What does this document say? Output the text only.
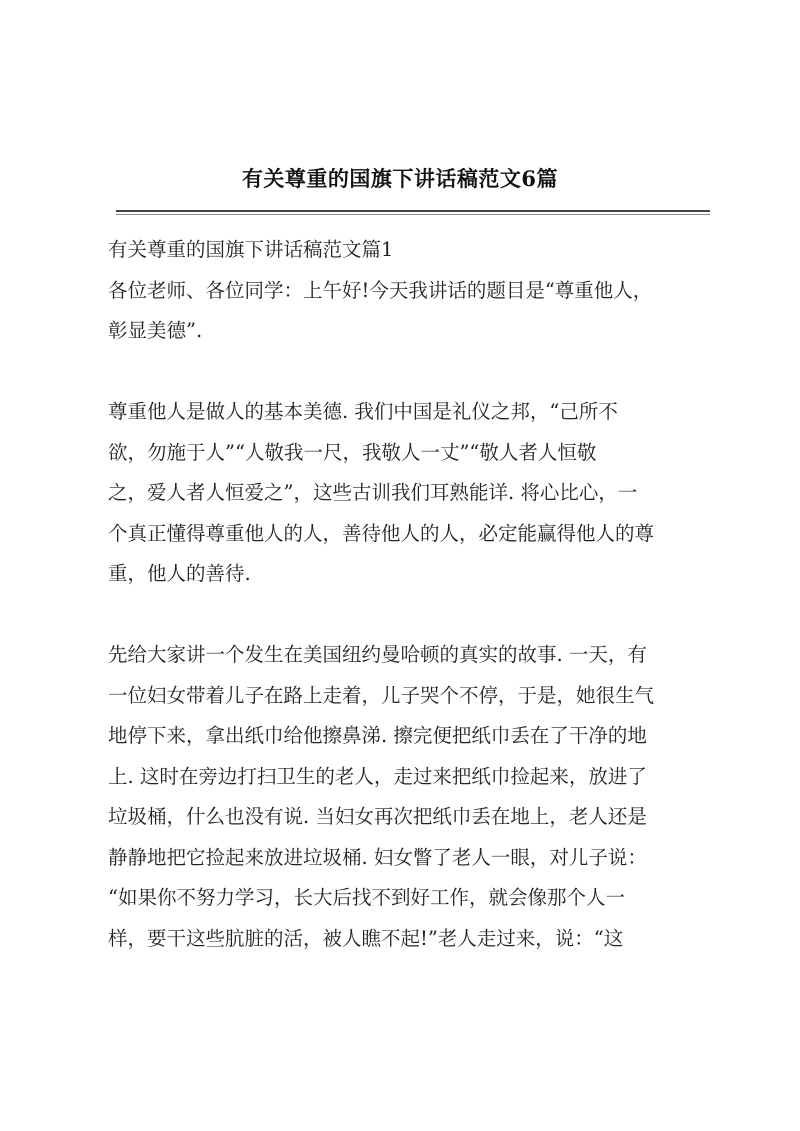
有关尊重的国旗下讲话稿范文6篇
有关尊重的国旗下讲话稿范文篇1
各位老师、各位同学：上午好!今天我讲话的题目是“尊重他人，
彰显美德”.
尊重他人是做人的基本美德. 我们中国是礼仪之邦，“己所不
欲，勿施于人”“人敬我一尺，我敬人一丈”“敬人者人恒敬
之，爱人者人恒爱之”，这些古训我们耳熟能详. 将心比心，一
个真正懂得尊重他人的人，善待他人的人，必定能赢得他人的尊
重，他人的善待.
先给大家讲一个发生在美国纽约曼哈顿的真实的故事. 一天，有
一位妇女带着儿子在路上走着，儿子哭个不停，于是，她很生气
地停下来，拿出纸巾给他擦鼻涕. 擦完便把纸巾丢在了干净的地
上. 这时在旁边打扫卫生的老人，走过来把纸巾捡起来，放进了
垃圾桶，什么也没有说. 当妇女再次把纸巾丢在地上，老人还是
静静地把它捡起来放进垃圾桶. 妇女瞥了老人一眼，对儿子说：
“如果你不努力学习，长大后找不到好工作，就会像那个人一
样，要干这些肮脏的活，被人瞧不起!”老人走过来，说：“这
